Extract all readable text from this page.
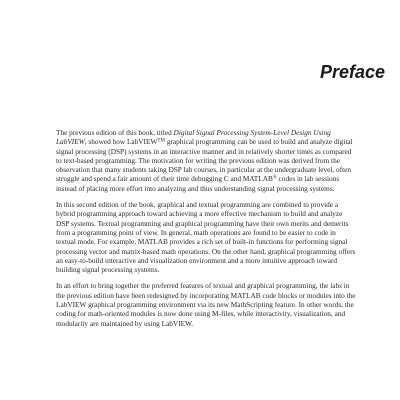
Preface

The previous edition of this book, titled Digital Signal Processing System-Level Design Using LabVIEW, showed how LabVIEW™ graphical programming can be used to build and analyze digital signal processing (DSP) systems in an interactive manner and in relatively shorter times as compared to text-based programming. The motivation for writing the previous edition was derived from the observation that many students taking DSP lab courses, in particular at the undergraduate level, often struggle and spend a fair amount of their time debugging C and MATLAB® codes in lab sessions instead of placing more effort into analyzing and thus understanding signal processing systems.

In this second edition of the book, graphical and textual programming are combined to provide a hybrid programming approach toward achieving a more effective mechanism to build and analyze DSP systems. Textual programming and graphical programming have their own merits and demerits from a programming point of view. In general, math operations are found to be easier to code in textual mode. For example, MATLAB provides a rich set of built-in functions for performing signal processing vector and matrix-based math operations. On the other hand, graphical programming offers an easy-to-build interactive and visualization environment and a more intuitive approach toward building signal processing systems.

In an effort to bring together the preferred features of textual and graphical programming, the labs in the previous edition have been redesigned by incorporating MATLAB code blocks or modules into the LabVIEW graphical programming environment via its new MathScripting feature. In other words, the coding for math-oriented modules is now done using M-files, while interactivity, visualization, and modularity are maintained by using LabVIEW.
